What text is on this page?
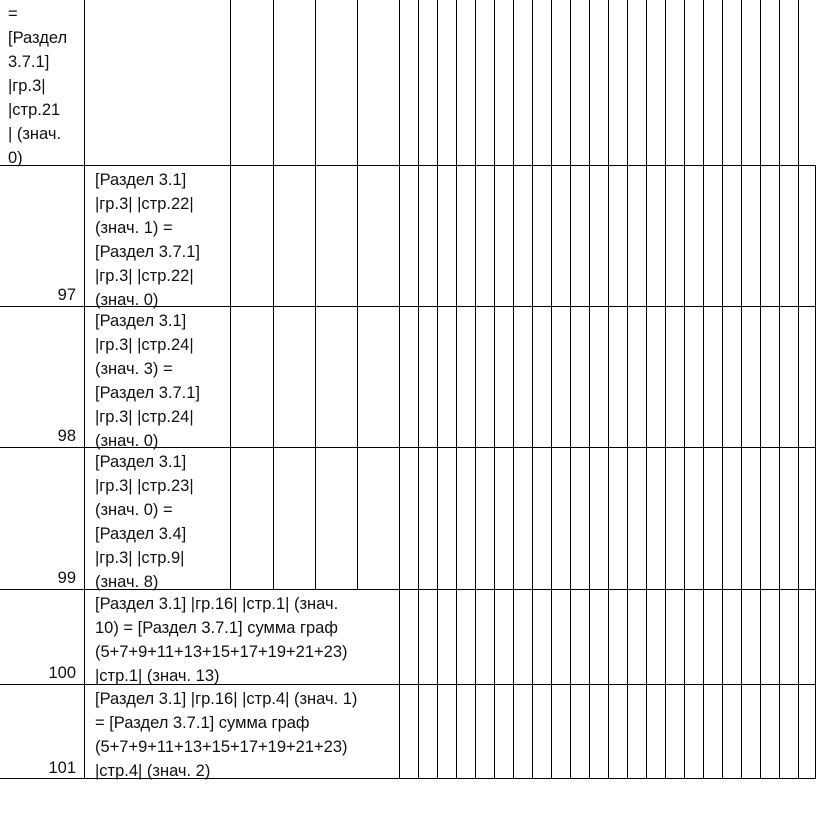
=
[Раздел
3.7.1]
|гр.3|
|стр.21
| (знач.
0)
97
[Раздел 3.1]
|гр.3| |стр.22|
(знач. 1) =
[Раздел 3.7.1]
|гр.3| |стр.22|
(знач. 0)
98
[Раздел 3.1]
|гр.3| |стр.24|
(знач. 3) =
[Раздел 3.7.1]
|гр.3| |стр.24|
(знач. 0)
99
[Раздел 3.1]
|гр.3| |стр.23|
(знач. 0) =
[Раздел 3.4]
|гр.3| |стр.9|
(знач. 8)
100
[Раздел 3.1] |гр.16| |стр.1| (знач.
10) = [Раздел 3.7.1] сумма граф
(5+7+9+11+13+15+17+19+21+23)
|стр.1| (знач. 13)
101
[Раздел 3.1] |гр.16| |стр.4| (знач. 1)
= [Раздел 3.7.1] сумма граф
(5+7+9+11+13+15+17+19+21+23)
|стр.4| (знач. 2)
